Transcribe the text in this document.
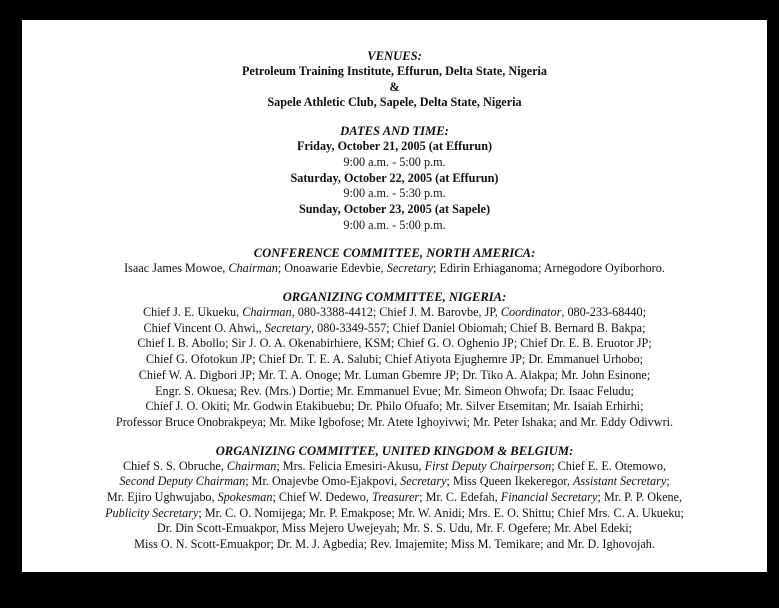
VENUES:
Petroleum Training Institute, Effurun, Delta State, Nigeria
&
Sapele Athletic Club, Sapele, Delta State, Nigeria
DATES AND TIME:
Friday, October 21, 2005 (at Effurun)
9:00 a.m. - 5:00 p.m.
Saturday, October 22, 2005 (at Effurun)
9:00 a.m. - 5:30 p.m.
Sunday, October 23, 2005 (at Sapele)
9:00 a.m. - 5:00 p.m.
CONFERENCE COMMITTEE, NORTH AMERICA:
Isaac James Mowoe, Chairman; Onoawarie Edevbie, Secretary; Edirin Erhiaganoma; Arnegodore Oyiborhoro.
ORGANIZING COMMITTEE, NIGERIA:
Chief J. E. Ukueku, Chairman, 080-3388-4412; Chief J. M. Barovbe, JP, Coordinator, 080-233-68440;
Chief Vincent O. Ahwi,, Secretary, 080-3349-557; Chief Daniel Obiomah; Chief B. Bernard B. Bakpa;
Chief I. B. Abollo; Sir J. O. A. Okenabirhiere, KSM; Chief G. O. Oghenio JP; Chief Dr. E. B. Eruotor JP;
Chief G. Ofotokun JP; Chief Dr. T. E. A. Salubi; Chief Atiyota Ejughemre JP; Dr. Emmanuel Urhobo;
Chief W. A. Digbori JP; Mr. T. A. Onoge; Mr. Luman Gbemre JP; Dr. Tiko A. Alakpa; Mr. John Esinone;
Engr. S. Okuesa; Rev. (Mrs.) Dortie; Mr. Emmanuel Evue; Mr. Simeon Ohwofa; Dr. Isaac Feludu;
Chief J. O. Okiti; Mr. Godwin Etakibuebu; Dr. Philo Ofuafo; Mr. Silver Etsemitan; Mr. Isaiah Erhirhi;
Professor Bruce Onobrakpeya; Mr. Mike Igbofose; Mr. Atete Ighoyivwi; Mr. Peter Ishaka; and Mr. Eddy Odivwri.
ORGANIZING COMMITTEE, UNITED KINGDOM & BELGIUM:
Chief S. S. Obruche, Chairman; Mrs. Felicia Emesiri-Akusu, First Deputy Chairperson; Chief E. E. Otemowo,
Second Deputy Chairman; Mr. Onajevbe Omo-Ejakpovi, Secretary; Miss Queen Ikekeregor, Assistant Secretary;
Mr. Ejiro Ughwujabo, Spokesman; Chief W. Dedewo, Treasurer; Mr. C. Edefah, Financial Secretary; Mr. P. P. Okene,
Publicity Secretary; Mr. C. O. Nomijega; Mr. P. Emakpose; Mr. W. Anidi; Mrs. E. O. Shittu; Chief Mrs. C. A. Ukueku;
Dr. Din Scott-Emuakpor, Miss Mejero Uwejeyah; Mr. S. S. Udu, Mr. F. Ogefere; Mr. Abel Edeki;
Miss O. N. Scott-Emuakpor; Dr. M. J. Agbedia; Rev. Imajemite; Miss M. Temikare; and Mr. D. Ighovojah.
